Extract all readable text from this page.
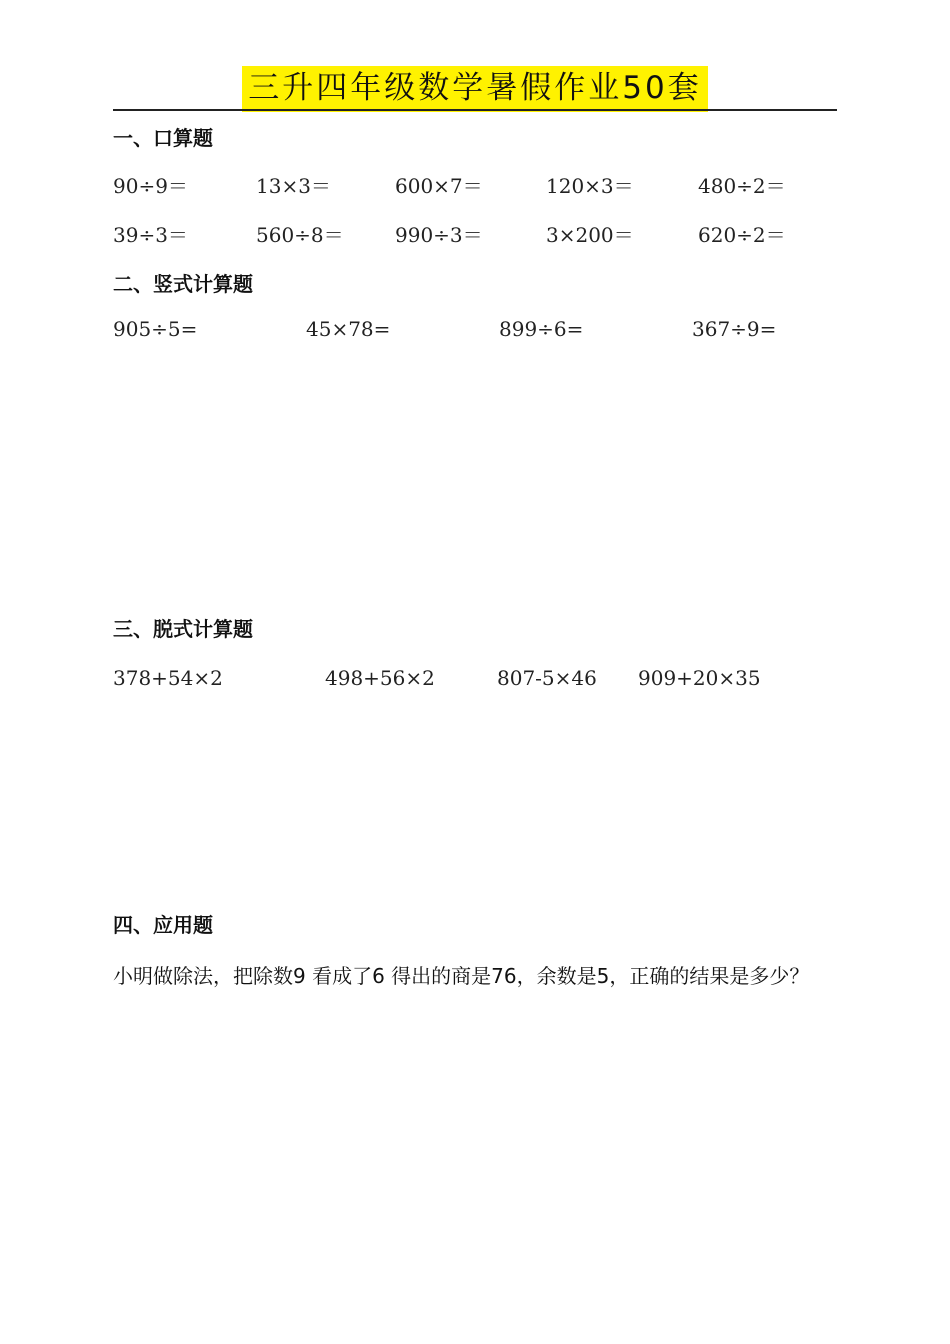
三升四年级数学暑假作业50套
一、口算题
90÷9＝	13×3＝	600×7＝	120×3＝	480÷2＝
39÷3＝	560÷8＝	990÷3＝	3×200＝	620÷2＝
二、竖式计算题
905÷5=	45×78=	899÷6=	367÷9=
三、脱式计算题
378+54×2	498+56×2	807-5×46 909+20×35
四、应用题
小明做除法，把除数9 看成了6 得出的商是76，余数是5，正确的结果是多少？
